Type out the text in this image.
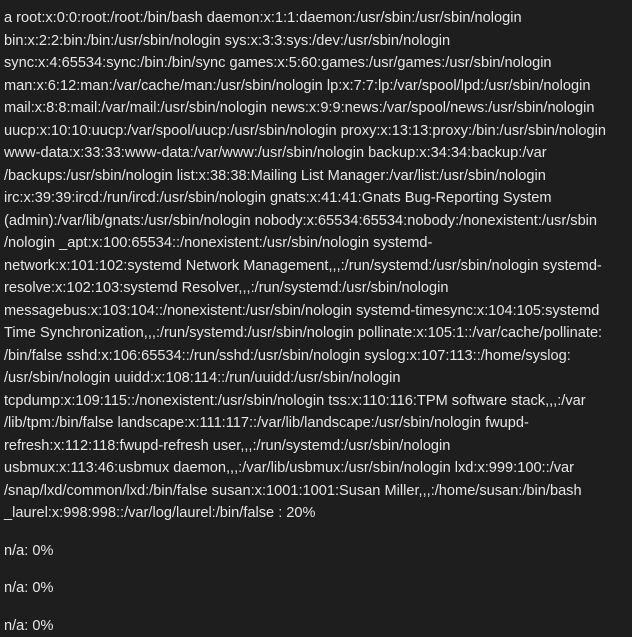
a root:x:0:0:root:/root:/bin/bash daemon:x:1:1:daemon:/usr/sbin:/usr/sbin/nologin
bin:x:2:2:bin:/bin:/usr/sbin/nologin sys:x:3:3:sys:/dev:/usr/sbin/nologin
sync:x:4:65534:sync:/bin:/bin/sync games:x:5:60:games:/usr/games:/usr/sbin/nologin
man:x:6:12:man:/var/cache/man:/usr/sbin/nologin lp:x:7:7:lp:/var/spool/lpd:/usr/sbin/nologin
mail:x:8:8:mail:/var/mail:/usr/sbin/nologin news:x:9:9:news:/var/spool/news:/usr/sbin/nologin
uucp:x:10:10:uucp:/var/spool/uucp:/usr/sbin/nologin proxy:x:13:13:proxy:/bin:/usr/sbin/nologin
www-data:x:33:33:www-data:/var/www:/usr/sbin/nologin backup:x:34:34:backup:/var
/backups:/usr/sbin/nologin list:x:38:38:Mailing List Manager:/var/list:/usr/sbin/nologin
irc:x:39:39:ircd:/run/ircd:/usr/sbin/nologin gnats:x:41:41:Gnats Bug-Reporting System
(admin):/var/lib/gnats:/usr/sbin/nologin nobody:x:65534:65534:nobody:/nonexistent:/usr/sbin
/nologin _apt:x:100:65534::/nonexistent:/usr/sbin/nologin systemd-
network:x:101:102:systemd Network Management,,,:/run/systemd:/usr/sbin/nologin systemd-
resolve:x:102:103:systemd Resolver,,,:/run/systemd:/usr/sbin/nologin
messagebus:x:103:104::/nonexistent:/usr/sbin/nologin systemd-timesync:x:104:105:systemd
Time Synchronization,,,:/run/systemd:/usr/sbin/nologin pollinate:x:105:1::/var/cache/pollinate:
/bin/false sshd:x:106:65534::/run/sshd:/usr/sbin/nologin syslog:x:107:113::/home/syslog:
/usr/sbin/nologin uuidd:x:108:114::/run/uuidd:/usr/sbin/nologin
tcpdump:x:109:115::/nonexistent:/usr/sbin/nologin tss:x:110:116:TPM software stack,,,:/var
/lib/tpm:/bin/false landscape:x:111:117::/var/lib/landscape:/usr/sbin/nologin fwupd-
refresh:x:112:118:fwupd-refresh user,,,:/run/systemd:/usr/sbin/nologin
usbmux:x:113:46:usbmux daemon,,,:/var/lib/usbmux:/usr/sbin/nologin lxd:x:999:100::/var
/snap/lxd/common/lxd:/bin/false susan:x:1001:1001:Susan Miller,,,:/home/susan:/bin/bash
_laurel:x:998:998::/var/log/laurel:/bin/false : 20%

n/a: 0%

n/a: 0%

n/a: 0%
